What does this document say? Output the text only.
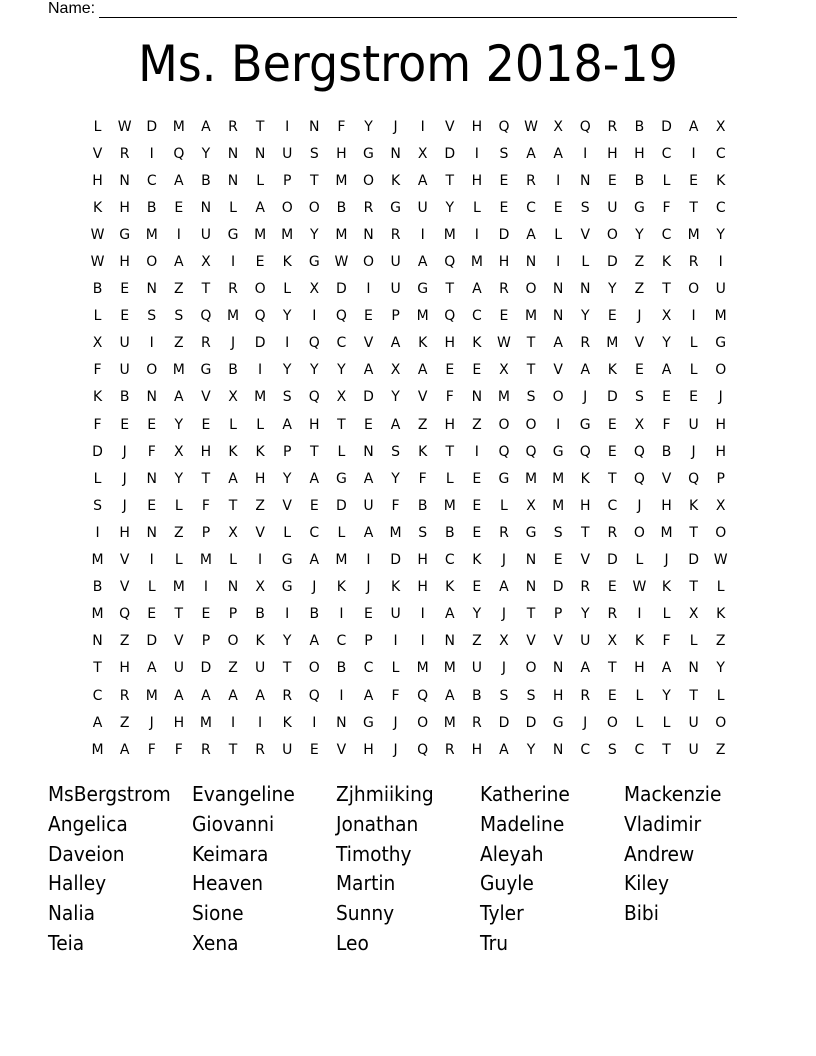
Name:
Ms. Bergstrom 2018-19
L	W	D	M	A	R	T	I	N	F	Y	J	I	V	H	Q	W	X	Q	R	B	D	A	X
V	R	I	Q	Y	N	N	U	S	H	G	N	X	D	I	S	A	A	I	H	H	C	I	C
H	N	C	A	B	N	L	P	T	M	O	K	A	T	H	E	R	I	N	E	B	L	E	K
K	H	B	E	N	L	A	O	O	B	R	G	U	Y	L	E	C	E	S	U	G	F	T	C
W	G	M	I	U	G	M	M	Y	M	N	R	I	M	I	D	A	L	V	O	Y	C	M	Y
W	H	O	A	X	I	E	K	G	W	O	U	A	Q	M	H	N	I	L	D	Z	K	R	I
B	E	N	Z	T	R	O	L	X	D	I	U	G	T	A	R	O	N	N	Y	Z	T	O	U
L	E	S	S	Q	M	Q	Y	I	Q	E	P	M	Q	C	E	M	N	Y	E	J	X	I	M
X	U	I	Z	R	J	D	I	Q	C	V	A	K	H	K	W	T	A	R	M	V	Y	L	G
F	U	O	M	G	B	I	Y	Y	Y	A	X	A	E	E	X	T	V	A	K	E	A	L	O
K	B	N	A	V	X	M	S	Q	X	D	Y	V	F	N	M	S	O	J	D	S	E	E	J
F	E	E	Y	E	L	L	A	H	T	E	A	Z	H	Z	O	O	I	G	E	X	F	U	H
D	J	F	X	H	K	K	P	T	L	N	S	K	T	I	Q	Q	G	Q	E	Q	B	J	H
L	J	N	Y	T	A	H	Y	A	G	A	Y	F	L	E	G	M	M	K	T	Q	V	Q	P
S	J	E	L	F	T	Z	V	E	D	U	F	B	M	E	L	X	M	H	C	J	H	K	X
I	H	N	Z	P	X	V	L	C	L	A	M	S	B	E	R	G	S	T	R	O	M	T	O
M	V	I	L	M	L	I	G	A	M	I	D	H	C	K	J	N	E	V	D	L	J	D	W
B	V	L	M	I	N	X	G	J	K	J	K	H	K	E	A	N	D	R	E	W	K	T	L
M	Q	E	T	E	P	B	I	B	I	E	U	I	A	Y	J	T	P	Y	R	I	L	X	K
N	Z	D	V	P	O	K	Y	A	C	P	I	I	N	Z	X	V	V	U	X	K	F	L	Z
T	H	A	U	D	Z	U	T	O	B	C	L	M	M	U	J	O	N	A	T	H	A	N	Y
C	R	M	A	A	A	A	R	Q	I	A	F	Q	A	B	S	S	H	R	E	L	Y	T	L
A	Z	J	H	M	I	I	K	I	N	G	J	O	M	R	D	D	G	J	O	L	L	U	O
M	A	F	F	R	T	R	U	E	V	H	J	Q	R	H	A	Y	N	C	S	C	T	U	Z
MsBergstrom	Evangeline	Zjhmiiking	Katherine	Mackenzie
Angelica	Giovanni	Jonathan	Madeline	Vladimir
Daveion	Keimara	Timothy	Aleyah	Andrew
Halley	Heaven	Martin	Guyle	Kiley
Nalia	Sione	Sunny	Tyler	Bibi
Teia	Xena	Leo	Tru
